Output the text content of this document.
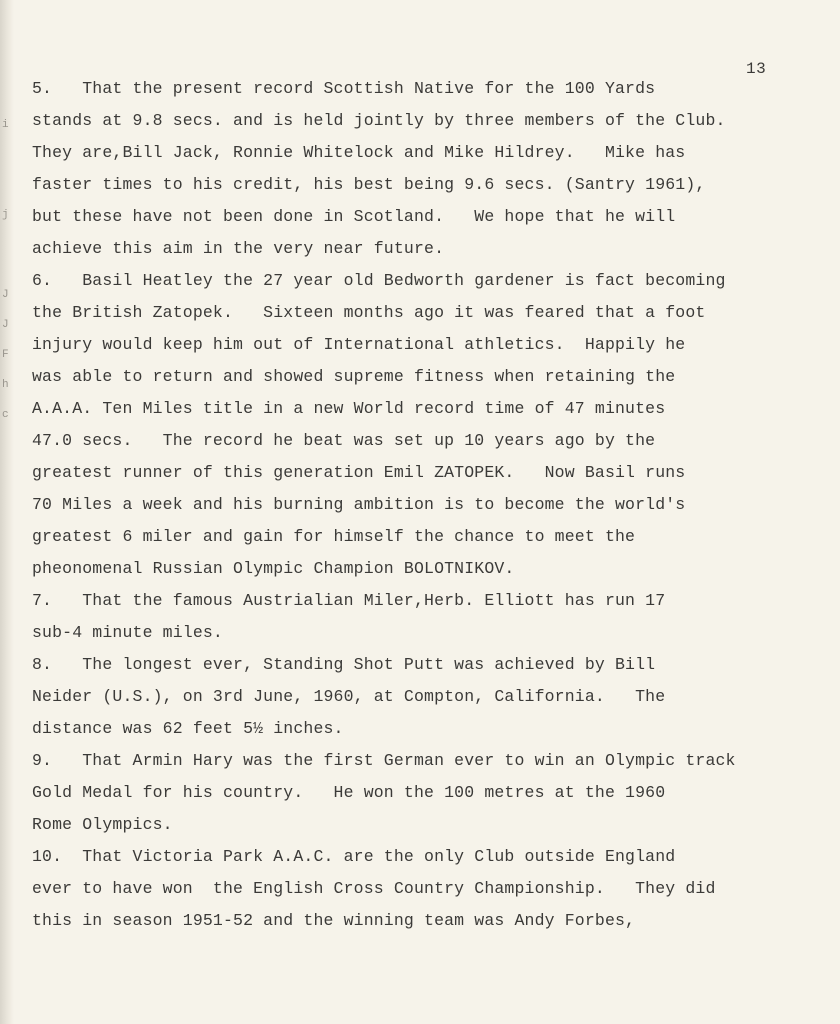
i
j
J
J
F
h
c
13
5.   That the present record Scottish Native for the 100 Yards
stands at 9.8 secs. and is held jointly by three members of the Club.
They are,Bill Jack, Ronnie Whitelock and Mike Hildrey.   Mike has
faster times to his credit, his best being 9.6 secs. (Santry 1961),
but these have not been done in Scotland.   We hope that he will
achieve this aim in the very near future.
6.   Basil Heatley the 27 year old Bedworth gardener is fact becoming
the British Zatopek.   Sixteen months ago it was feared that a foot
injury would keep him out of International athletics.  Happily he
was able to return and showed supreme fitness when retaining the
A.A.A. Ten Miles title in a new World record time of 47 minutes
47.0 secs.   The record he beat was set up 10 years ago by the
greatest runner of this generation Emil ZATOPEK.   Now Basil runs
70 Miles a week and his burning ambition is to become the world's
greatest 6 miler and gain for himself the chance to meet the
pheonomenal Russian Olympic Champion BOLOTNIKOV.
7.   That the famous Austrialian Miler,Herb. Elliott has run 17
sub-4 minute miles.
8.   The longest ever, Standing Shot Putt was achieved by Bill
Neider (U.S.), on 3rd June, 1960, at Compton, California.   The
distance was 62 feet 5½ inches.
9.   That Armin Hary was the first German ever to win an Olympic track
Gold Medal for his country.   He won the 100 metres at the 1960
Rome Olympics.
10.  That Victoria Park A.A.C. are the only Club outside England
ever to have won  the English Cross Country Championship.   They did
this in season 1951-52 and the winning team was Andy Forbes,
